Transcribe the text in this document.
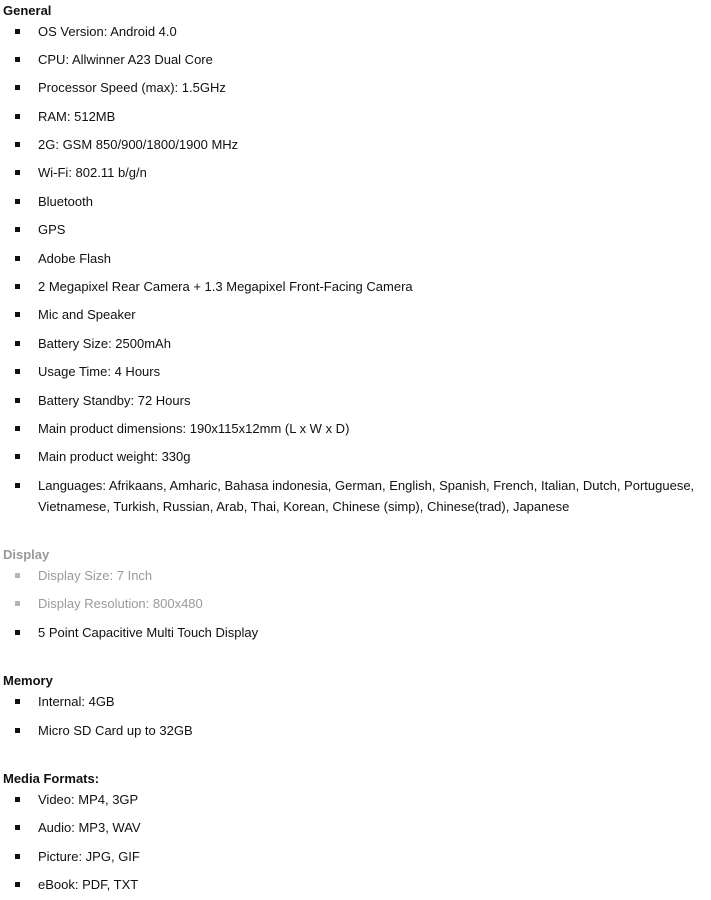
General
OS Version: Android 4.0
CPU: Allwinner A23 Dual Core
Processor Speed (max): 1.5GHz
RAM: 512MB
2G: GSM 850/900/1800/1900 MHz
Wi-Fi: 802.11 b/g/n
Bluetooth
GPS
Adobe Flash
2 Megapixel Rear Camera + 1.3 Megapixel Front-Facing Camera
Mic and Speaker
Battery Size: 2500mAh
Usage Time: 4 Hours
Battery Standby: 72 Hours
Main product dimensions: 190x115x12mm (L x W x D)
Main product weight: 330g
Languages: Afrikaans, Amharic, Bahasa indonesia, German, English, Spanish, French, Italian, Dutch, Portuguese, Vietnamese, Turkish, Russian, Arab, Thai, Korean, Chinese (simp), Chinese(trad), Japanese
Display
Display Size: 7 Inch
Display Resolution: 800x480
5 Point Capacitive Multi Touch Display
Memory
Internal: 4GB
Micro SD Card up to 32GB
Media Formats:
Video: MP4, 3GP
Audio: MP3, WAV
Picture: JPG, GIF
eBook: PDF, TXT
